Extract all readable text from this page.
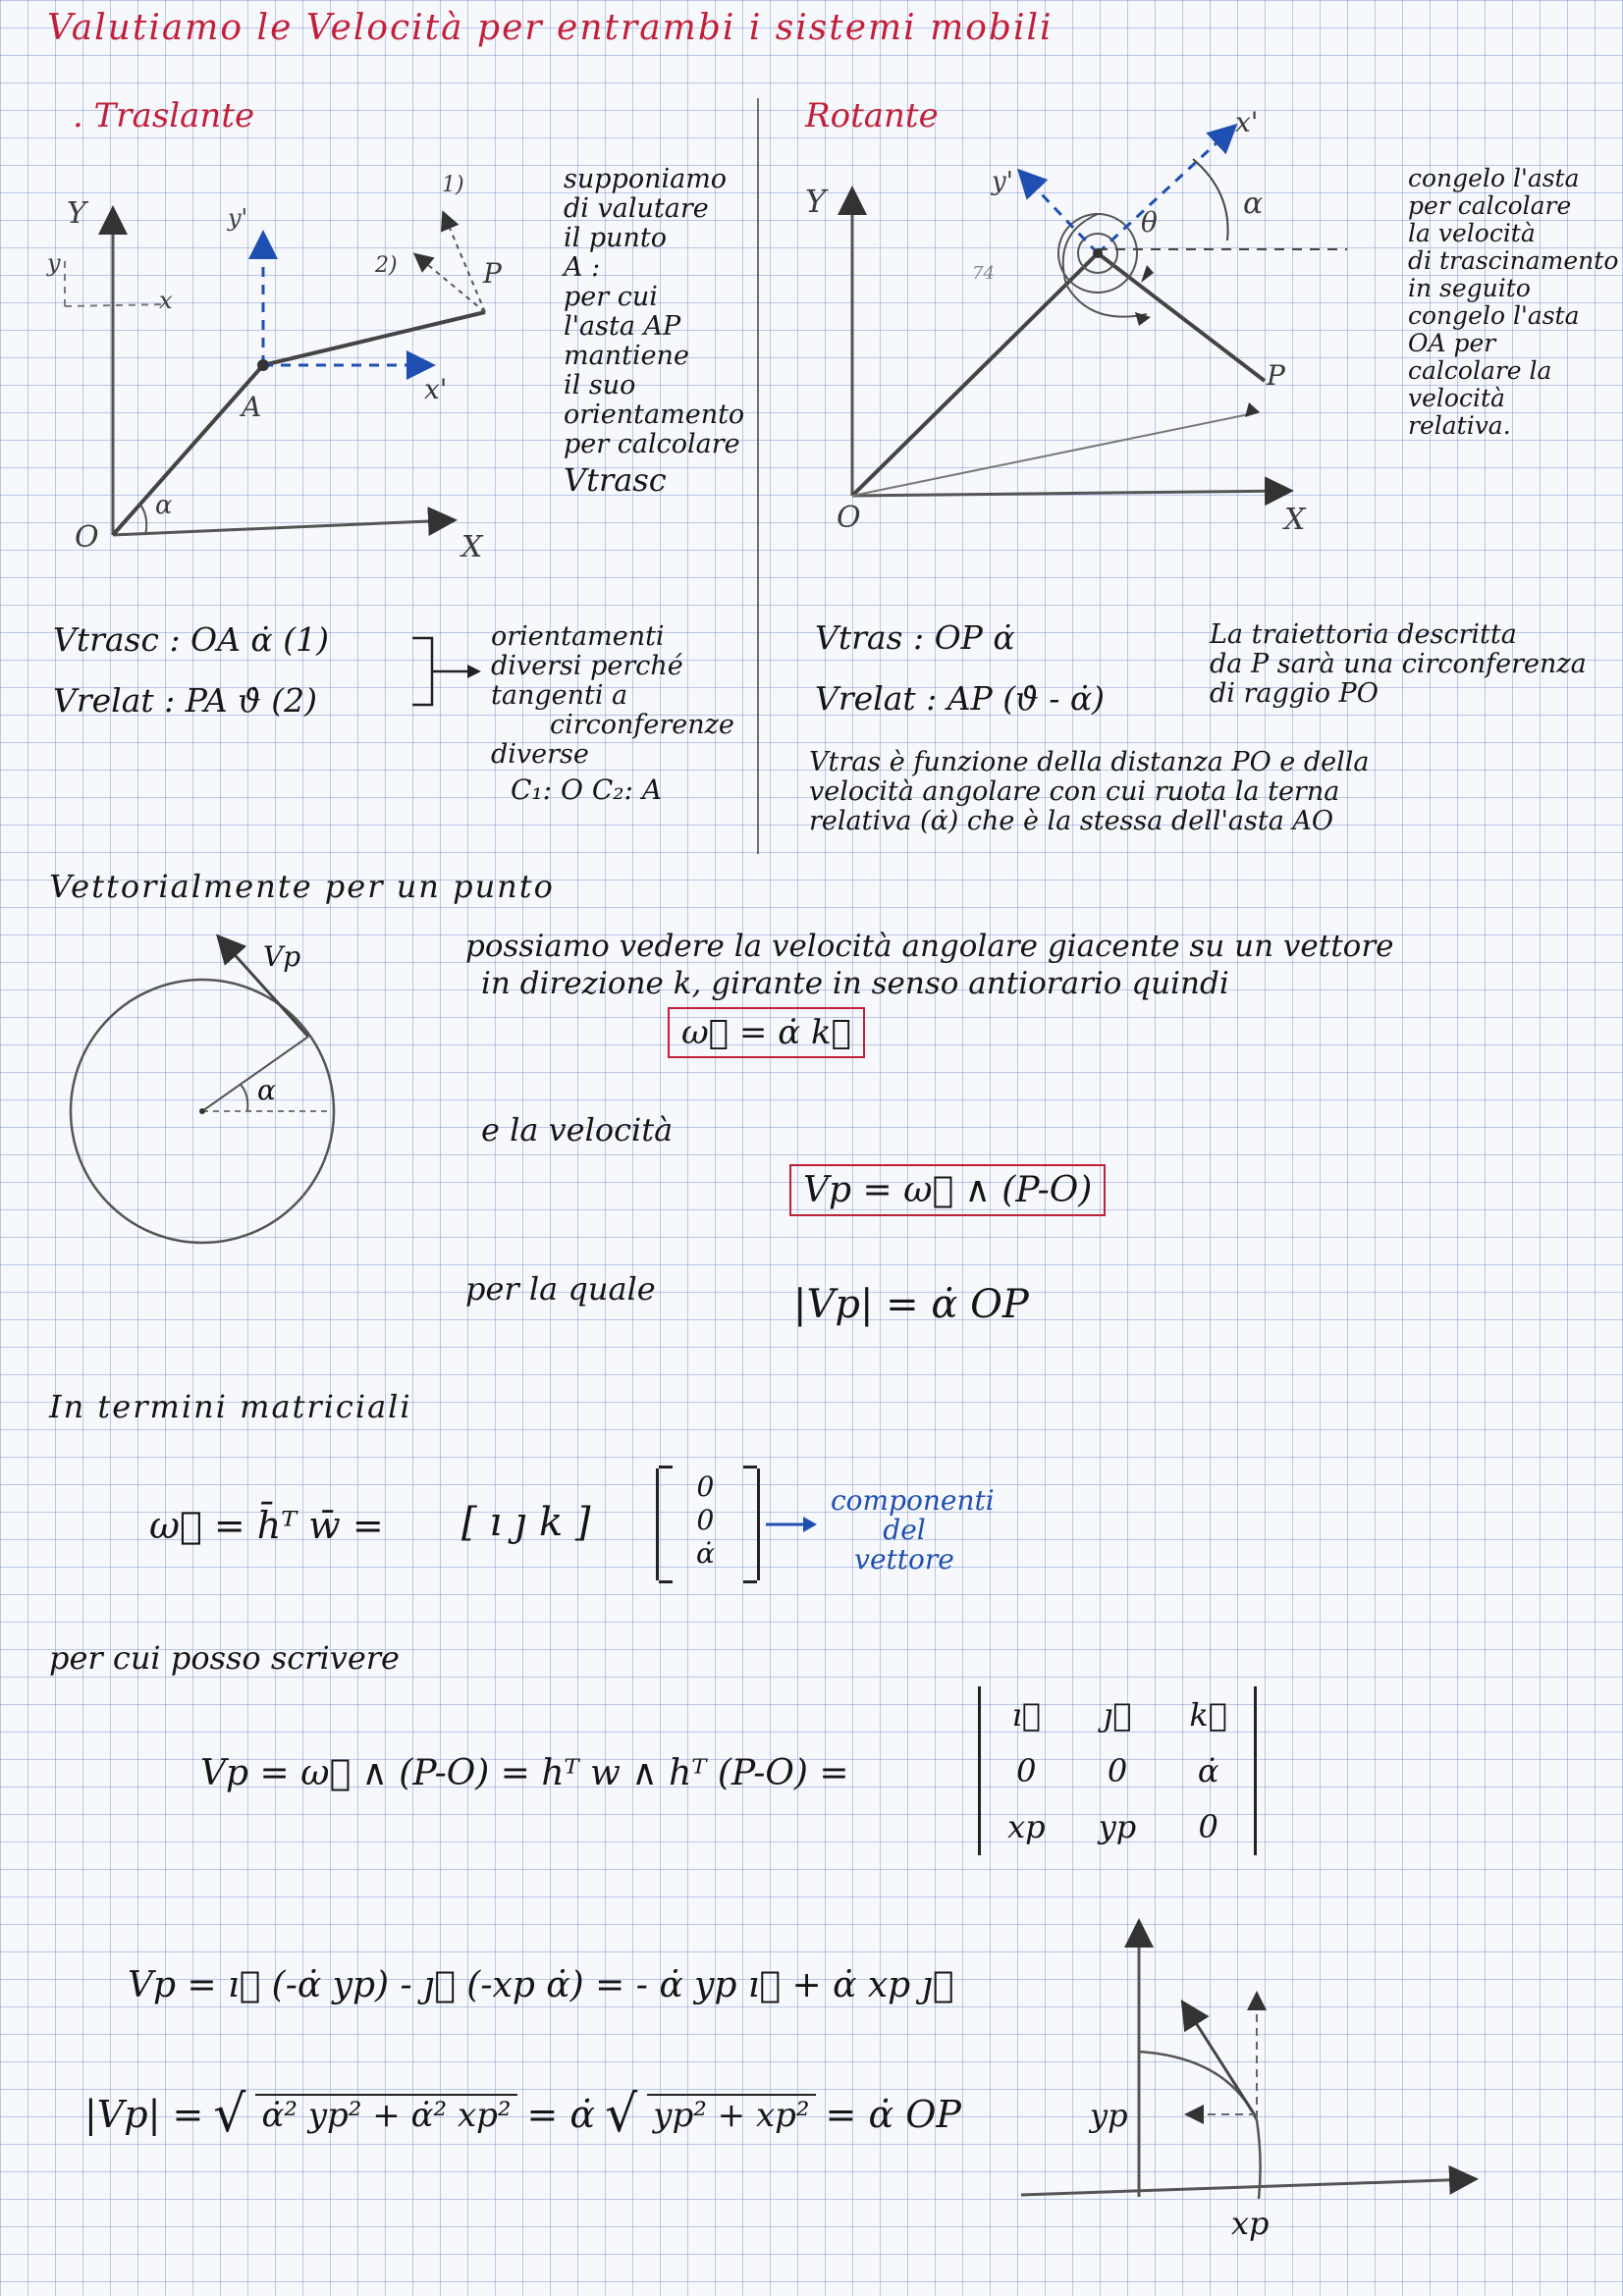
Valutiamo le Velocità per entrambi i sistemi mobili
. Traslante
Y
X
y
x
y'
x'
O
A
P
α
1)
2)
supponiamo
di valutare
il punto
A :
per cui
l'asta AP
mantiene
il suo
orientamento
per calcolare
Vtrasc
Vtrasc : OA α̇ (1)
Vrelat : PA ϑ̇ (2)
orientamenti
diversi perché
tangenti a
circonferenze
diverse
C₁: O C₂: A
Rotante
Y
X
O
P
θ
α
y'
x'
74
congelo l'asta
per calcolare
la velocità
di trascinamento
in seguito
congelo l'asta
OA per
calcolare la
velocità
relativa.
Vtras : OP α̇
Vrelat : AP (ϑ̇ - α̇)
La traiettoria descritta
da P sarà una circonferenza
di raggio PO
Vtras è funzione della distanza PO e della
velocità angolare con cui ruota la terna
relativa (α̇) che è la stessa dell'asta AO
Vettorialmente per un punto
Vp
α
possiamo vedere la velocità angolare giacente su un vettore
in direzione k, girante in senso antiorario quindi
ω⃗ = α̇ k⃗
e la velocità
Vp = ω⃗ ∧ (P-O)
per la quale	|Vp| = α̇ OP
In termini matriciali
ω⃗ = h̄ᵀ w̄ = [ ı ȷ k ]
0
0
α̇
componenti
del
vettore
per cui posso scrivere
Vp = ω⃗ ∧ (P-O) = hᵀ w ∧ hᵀ (P-O) =
ı⃗	ȷ⃗	k⃗
0	0	α̇
xp	yp	0
Vp = ı⃗ (-α̇ yp) - ȷ⃗ (-xp α̇) = - α̇ yp ı⃗ + α̇ xp ȷ⃗
|Vp| = √ α̇² yp² + α̇² xp² = α̇ √ yp² + xp² = α̇ OP	yp
xp
